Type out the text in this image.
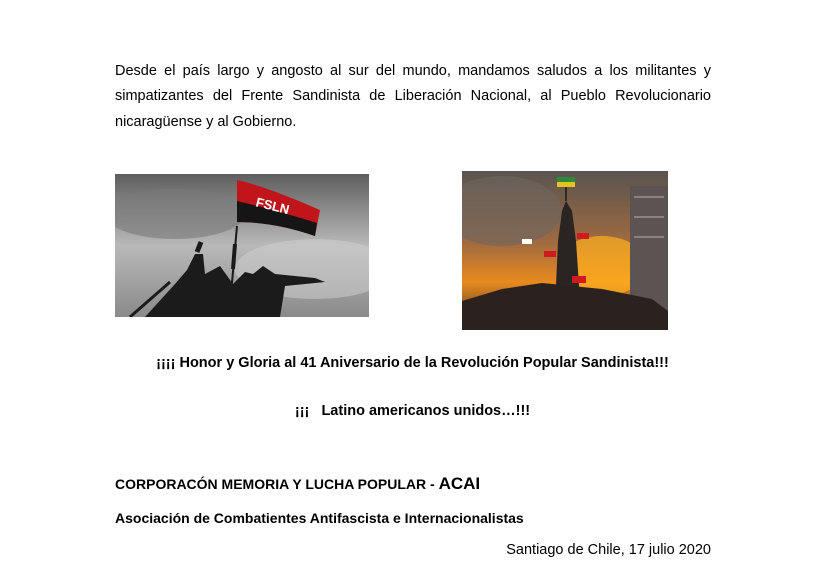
Desde el país largo y angosto al sur del mundo, mandamos saludos a los militantes y simpatizantes del Frente Sandinista de Liberación Nacional, al Pueblo Revolucionario nicaragüense y al Gobierno.

FSLN
¡¡¡¡ Honor y Gloria al 41 Aniversario de la Revolución Popular Sandinista!!!
¡¡¡ Latino americanos unidos…!!!
CORPORACÓN MEMORIA Y LUCHA POPULAR - ACAI
Asociación de Combatientes Antifascista e Internacionalistas
Santiago de Chile, 17 julio 2020
